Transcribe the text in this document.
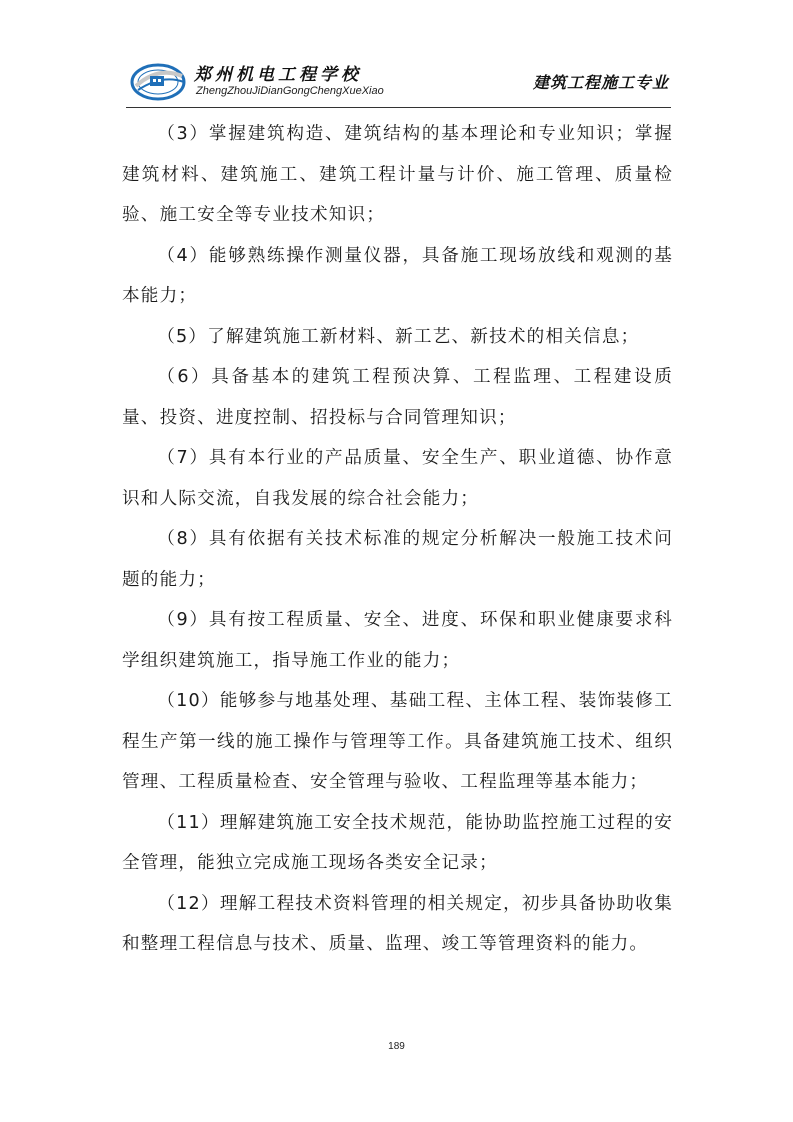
郑州机电工程学校
ZhengZhouJiDianGongChengXueXiao	建筑工程施工专业

（3）掌握建筑构造、建筑结构的基本理论和专业知识；掌握建筑材料、建筑施工、建筑工程计量与计价、施工管理、质量检验、施工安全等专业技术知识；

（4）能够熟练操作测量仪器，具备施工现场放线和观测的基本能力；

（5）了解建筑施工新材料、新工艺、新技术的相关信息；

（6）具备基本的建筑工程预决算、工程监理、工程建设质量、投资、进度控制、招投标与合同管理知识；

（7）具有本行业的产品质量、安全生产、职业道德、协作意识和人际交流，自我发展的综合社会能力；

（8）具有依据有关技术标准的规定分析解决一般施工技术问题的能力；

（9）具有按工程质量、安全、进度、环保和职业健康要求科学组织建筑施工，指导施工作业的能力；

（10）能够参与地基处理、基础工程、主体工程、装饰装修工程生产第一线的施工操作与管理等工作。具备建筑施工技术、组织管理、工程质量检查、安全管理与验收、工程监理等基本能力；

（11）理解建筑施工安全技术规范，能协助监控施工过程的安全管理，能独立完成施工现场各类安全记录；

（12）理解工程技术资料管理的相关规定，初步具备协助收集和整理工程信息与技术、质量、监理、竣工等管理资料的能力。

189
